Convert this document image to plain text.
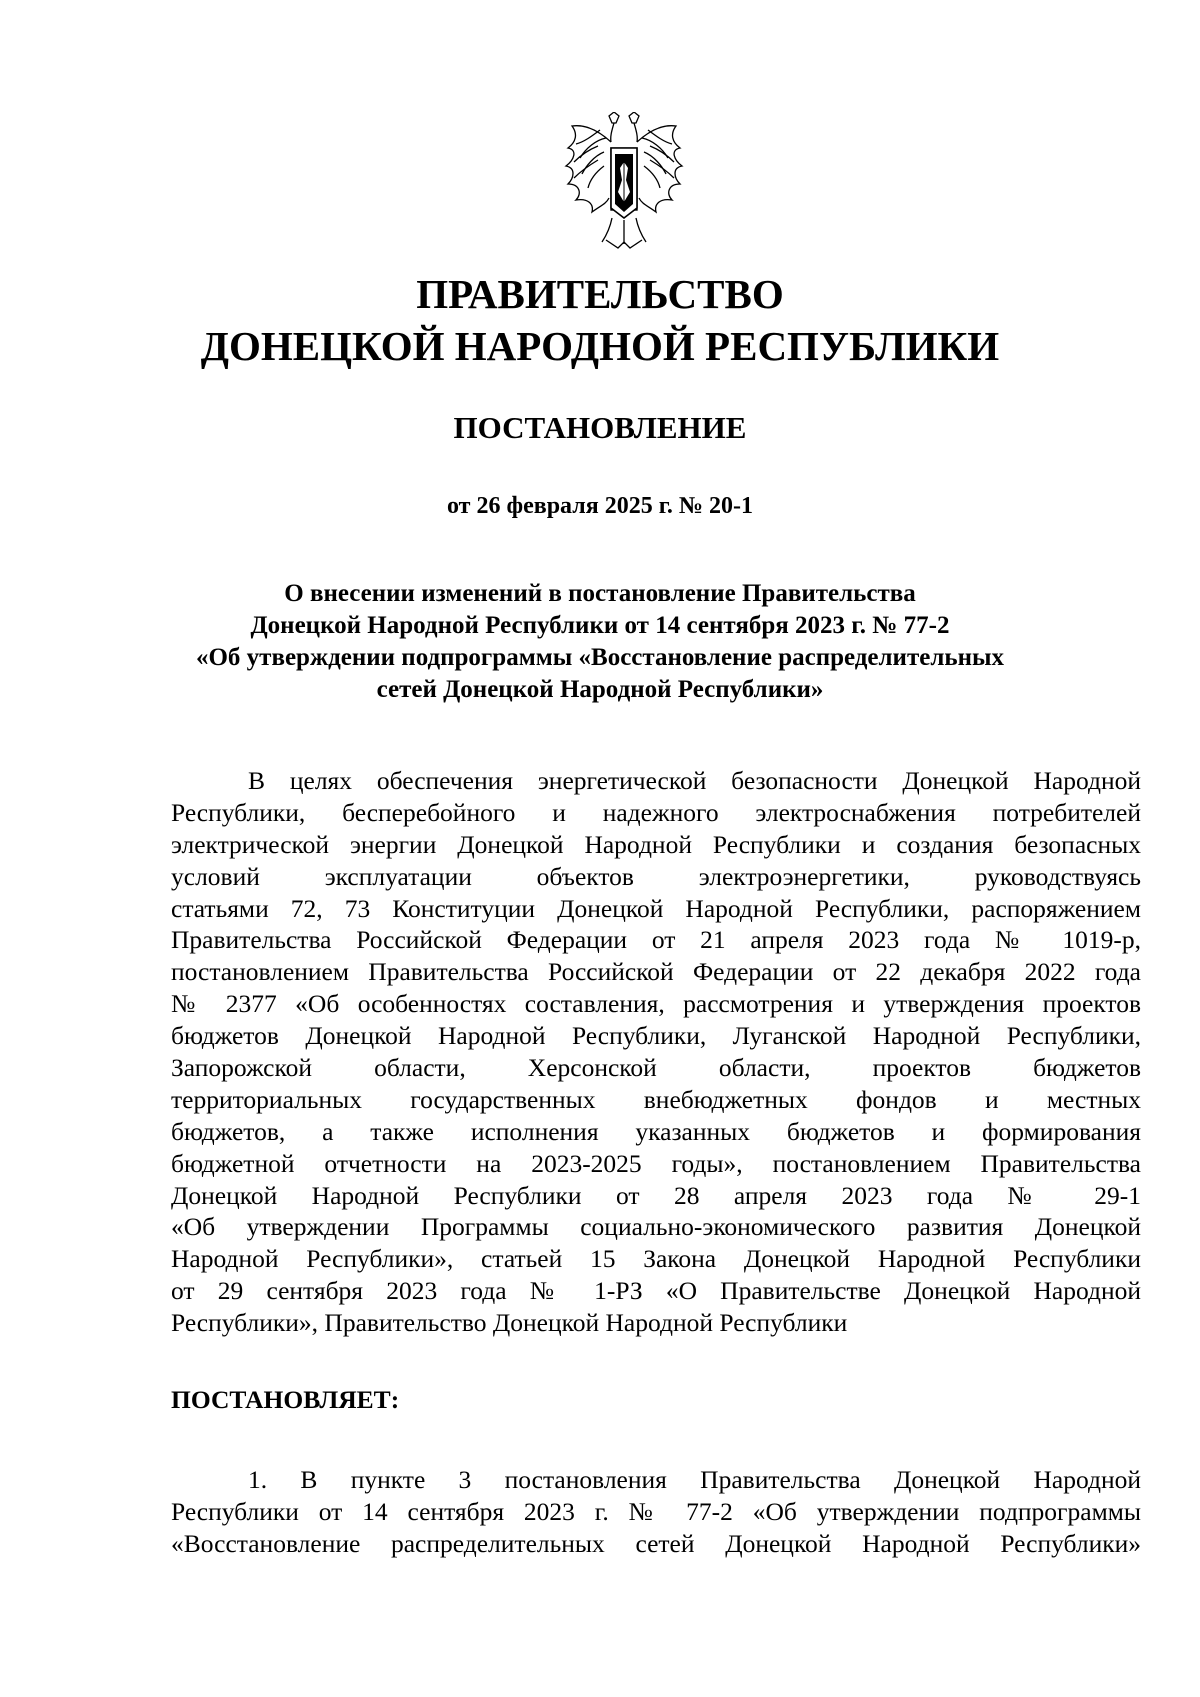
ПРАВИТЕЛЬСТВО
ДОНЕЦКОЙ НАРОДНОЙ РЕСПУБЛИКИ
ПОСТАНОВЛЕНИЕ
от 26 февраля 2025 г. № 20-1
О внесении изменений в постановление Правительства
Донецкой Народной Республики от 14 сентября 2023 г. № 77-2
«Об утверждении подпрограммы «Восстановление распределительных
сетей Донецкой Народной Республики»
В целях обеспечения энергетической безопасности Донецкой Народной
Республики, бесперебойного и надежного электроснабжения потребителей
электрической энергии Донецкой Народной Республики и создания безопасных
условий эксплуатации объектов электроэнергетики, руководствуясь
статьями 72, 73 Конституции Донецкой Народной Республики, распоряжением
Правительства Российской Федерации от 21 апреля 2023 года № 1019-р,
постановлением Правительства Российской Федерации от 22 декабря 2022 года
№ 2377 «Об особенностях составления, рассмотрения и утверждения проектов
бюджетов Донецкой Народной Республики, Луганской Народной Республики,
Запорожской области, Херсонской области, проектов бюджетов
территориальных государственных внебюджетных фондов и местных
бюджетов, а также исполнения указанных бюджетов и формирования
бюджетной отчетности на 2023-2025 годы», постановлением Правительства
Донецкой Народной Республики от 28 апреля 2023 года № 29-1
«Об утверждении Программы социально-экономического развития Донецкой
Народной Республики», статьей 15 Закона Донецкой Народной Республики
от 29 сентября 2023 года № 1-РЗ «О Правительстве Донецкой Народной
Республики», Правительство Донецкой Народной Республики
ПОСТАНОВЛЯЕТ:
1. В пункте 3 постановления Правительства Донецкой Народной
Республики от 14 сентября 2023 г. № 77-2 «Об утверждении подпрограммы
«Восстановление распределительных сетей Донецкой Народной Республики»
